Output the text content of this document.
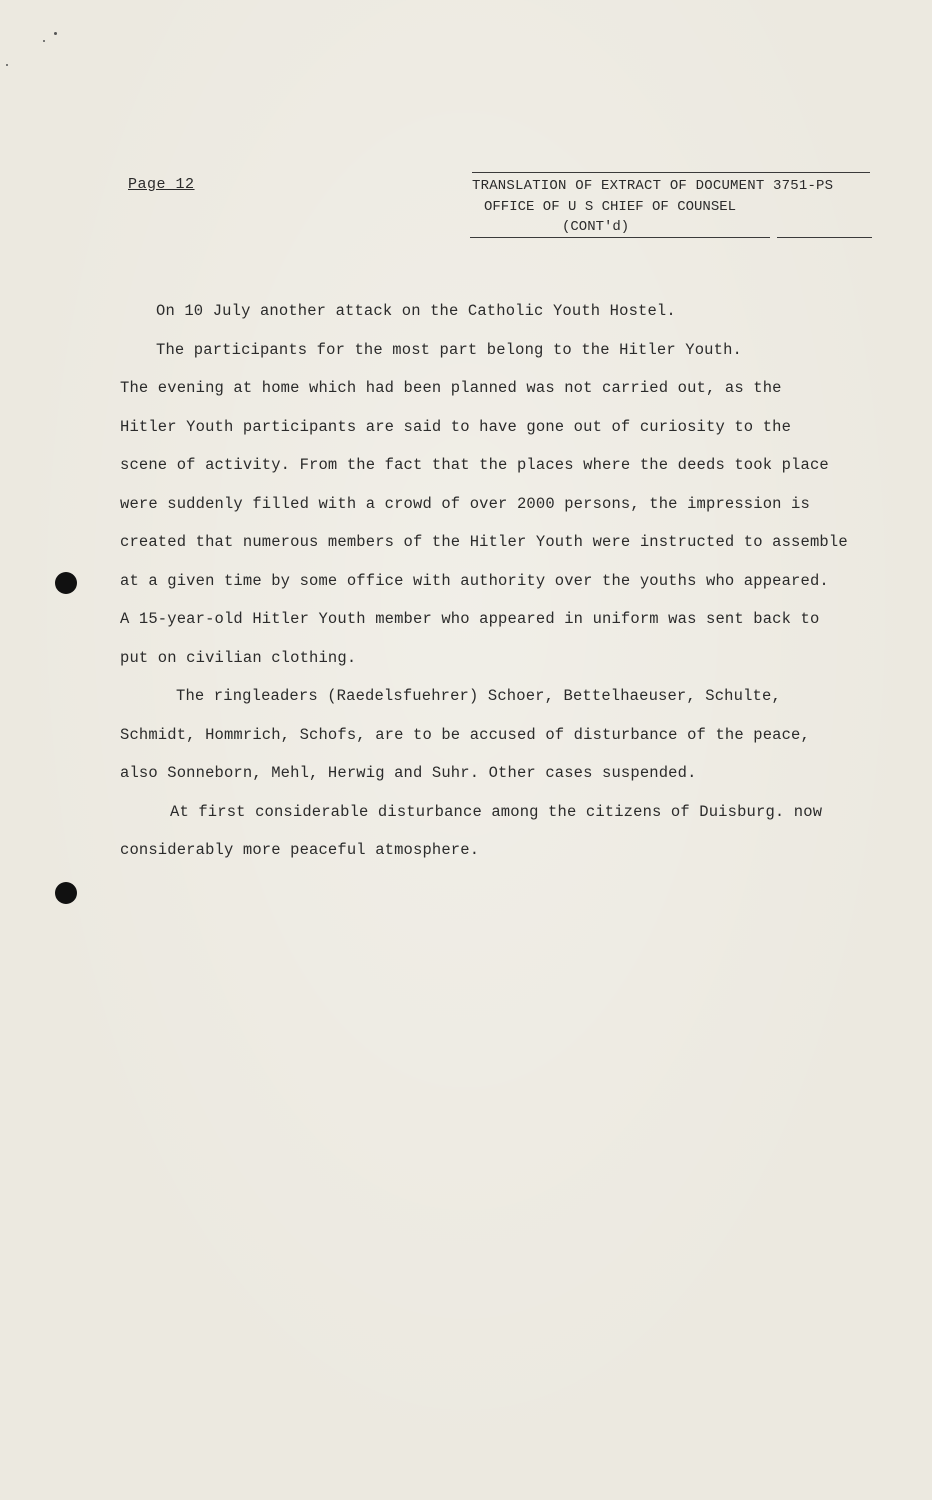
Page 12	TRANSLATION OF EXTRACT OF DOCUMENT 3751-PS
OFFICE OF U S CHIEF OF COUNSEL
(CONT'd)

On 10 July another attack on the Catholic Youth Hostel.

The participants for the most part belong to the Hitler Youth.

The evening at home which had been planned was not carried out, as the

Hitler Youth participants are said to have gone out of curiosity to the

scene of activity. From the fact that the places where the deeds took place

were suddenly filled with a crowd of over 2000 persons, the impression is

created that numerous members of the Hitler Youth were instructed to assemble

at a given time by some office with authority over the youths who appeared.

A 15-year-old Hitler Youth member who appeared in uniform was sent back to

put on civilian clothing.

The ringleaders (Raedelsfuehrer) Schoer, Bettelhaeuser, Schulte,

Schmidt, Hommrich, Schofs, are to be accused of disturbance of the peace,

also Sonneborn, Mehl, Herwig and Suhr. Other cases suspended.

At first considerable disturbance among the citizens of Duisburg. now

considerably more peaceful atmosphere.
